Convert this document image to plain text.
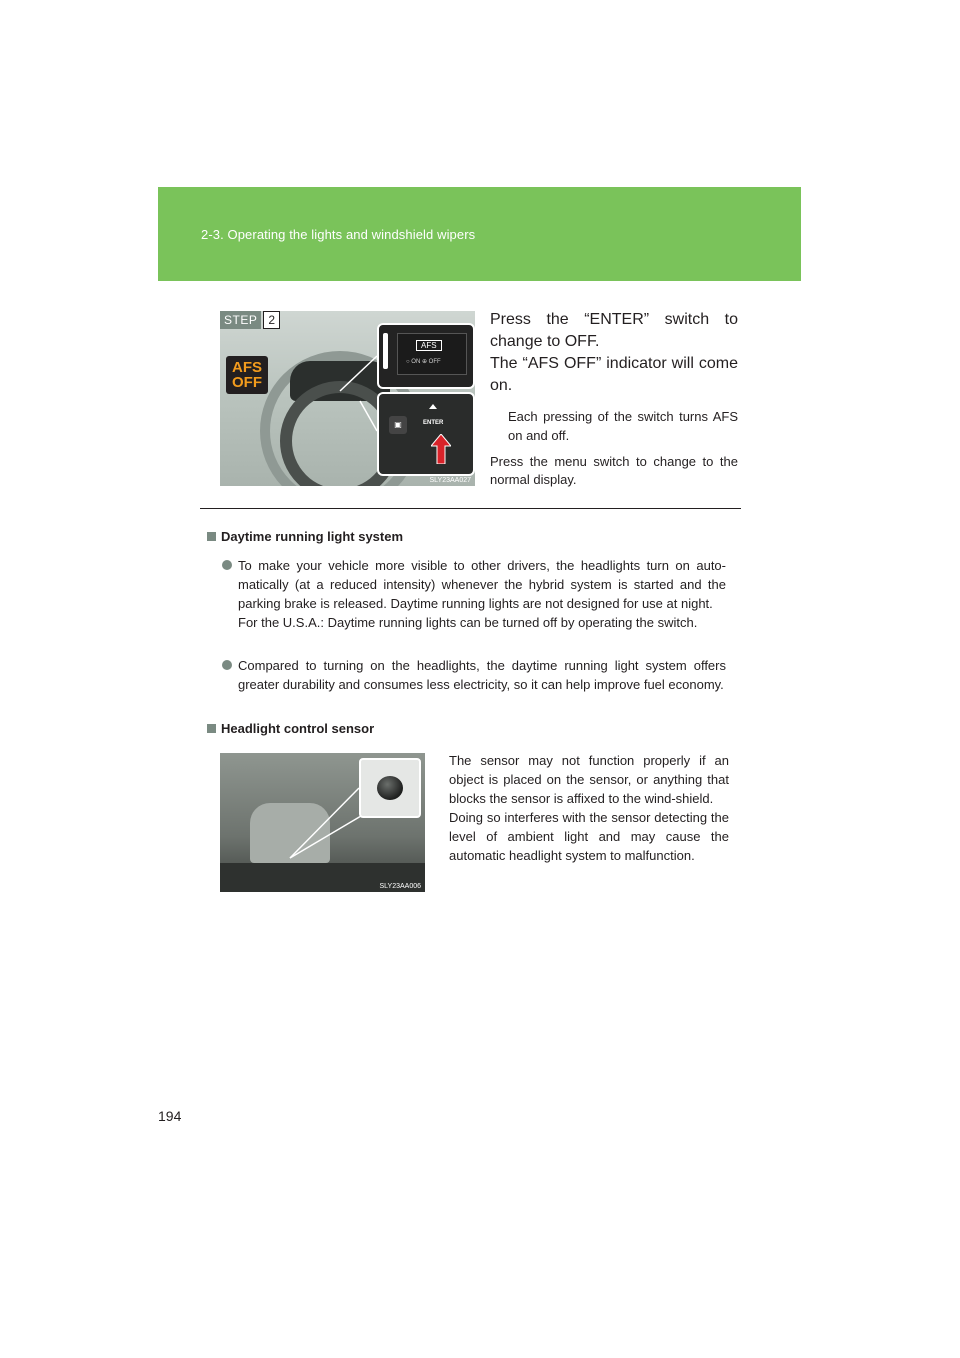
2-3. Operating the lights and windshield wipers
STEP 2
AFS
OFF
AFS
○ ON ⊕ OFF
▣	ENTER
SLY23AA027
Press the “ENTER” switch to change to OFF.
The “AFS OFF” indicator will come on.
Each pressing of the switch turns AFS on and off.
Press the menu switch to change to the normal display.
Daytime running light system
To make your vehicle more visible to other drivers, the headlights turn on auto-matically (at a reduced intensity) whenever the hybrid system is started and the parking brake is released. Daytime running lights are not designed for use at night.
For the U.S.A.: Daytime running lights can be turned off by operating the switch.
Compared to turning on the headlights, the daytime running light system offers greater durability and consumes less electricity, so it can help improve fuel economy.
Headlight control sensor
SLY23AA006
The sensor may not function properly if an object is placed on the sensor, or anything that blocks the sensor is affixed to the wind-shield.
Doing so interferes with the sensor detecting the level of ambient light and may cause the automatic headlight system to malfunction.
194
